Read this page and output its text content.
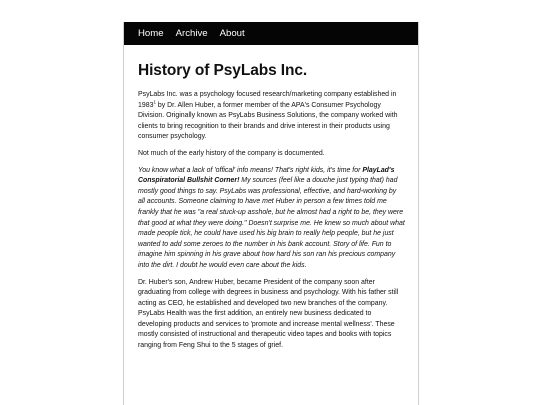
Home Archive About
History of PsyLabs Inc.

PsyLabs Inc. was a psychology focused research/marketing company established in 1983$^1$ by Dr. Allen Huber, a former member of the APA's Consumer Psychology Division. Originally known as PsyLabs Business Solutions, the company worked with clients to bring recognition to their brands and drive interest in their products using consumer psychology.

Not much of the early history of the company is documented.

You know what a lack of 'offical' info means! That's right kids, it's time for PlayLad's Conspiratorial Bullshit Corner! My sources (feel like a douche just typing that) had mostly good things to say. PsyLabs was professional, effective, and hard-working by all accounts. Someone claiming to have met Huber in person a few times told me frankly that he was "a real stuck-up asshole, but he almost had a right to be, they were that good at what they were doing." Doesn't surprise me. He knew so much about what made people tick, he could have used his big brain to really help people, but he just wanted to add some zeroes to the number in his bank account. Story of life. Fun to imagine him spinning in his grave about how hard his son ran his precious company into the dirt. I doubt he would even care about the kids.

Dr. Huber's son, Andrew Huber, became President of the company soon after graduating from college with degrees in business and psychology. With his father still acting as CEO, he established and developed two new branches of the company. PsyLabs Health was the first addition, an entirely new business dedicated to developing products and services to 'promote and increase mental wellness'. These mostly consisted of instructional and therapeutic video tapes and books with topics ranging from Feng Shui to the 5 stages of grief.
